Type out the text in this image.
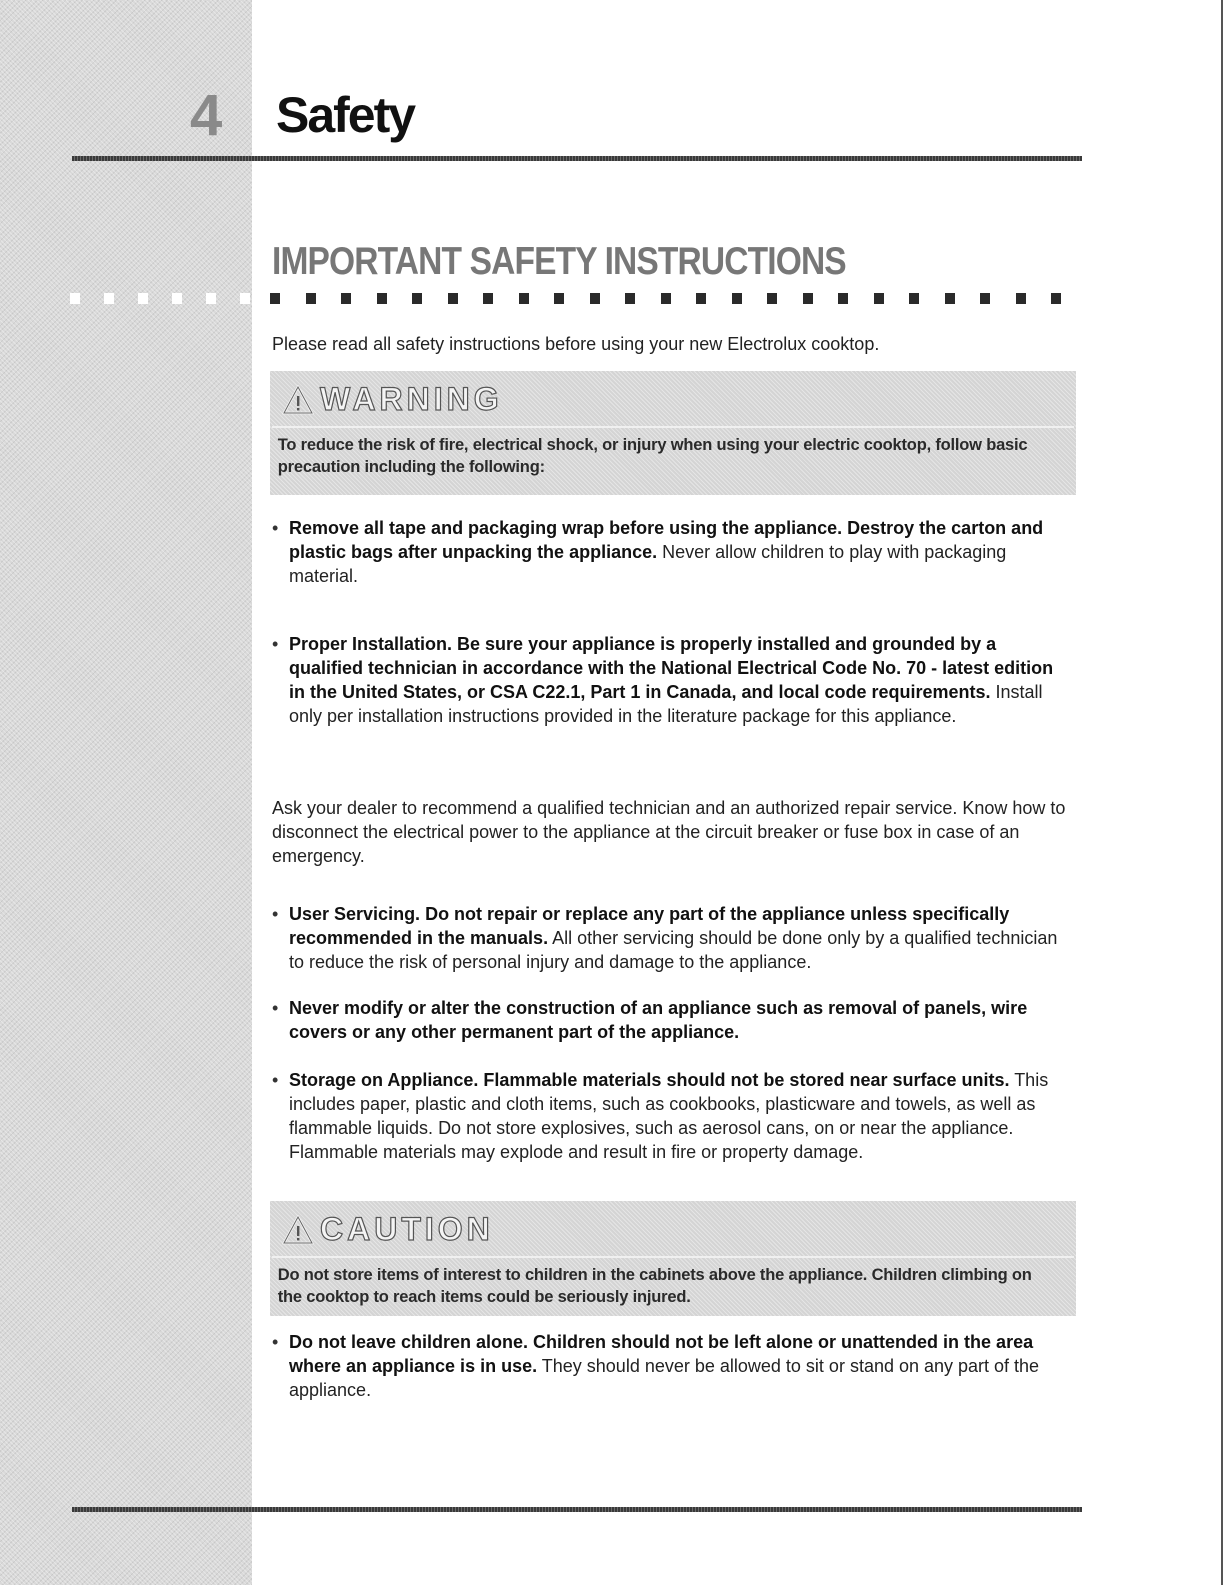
4 Safety
IMPORTANT SAFETY INSTRUCTIONS
Please read all safety instructions before using your new Electrolux cooktop.
WARNING
To reduce the risk of fire, electrical shock, or injury when using your electric cooktop, follow basic precaution including the following:
• Remove all tape and packaging wrap before using the appliance. Destroy the carton and plastic bags after unpacking the appliance. Never allow children to play with packaging material.
• Proper Installation. Be sure your appliance is properly installed and grounded by a qualified technician in accordance with the National Electrical Code No. 70 - latest edition in the United States, or CSA C22.1, Part 1 in Canada, and local code requirements. Install only per installation instructions provided in the literature package for this appliance.
Ask your dealer to recommend a qualified technician and an authorized repair service. Know how to disconnect the electrical power to the appliance at the circuit breaker or fuse box in case of an emergency.
• User Servicing. Do not repair or replace any part of the appliance unless specifically recommended in the manuals. All other servicing should be done only by a qualified technician to reduce the risk of personal injury and damage to the appliance.
• Never modify or alter the construction of an appliance such as removal of panels, wire covers or any other permanent part of the appliance.
• Storage on Appliance. Flammable materials should not be stored near surface units. This includes paper, plastic and cloth items, such as cookbooks, plasticware and towels, as well as flammable liquids. Do not store explosives, such as aerosol cans, on or near the appliance. Flammable materials may explode and result in fire or property damage.
CAUTION
Do not store items of interest to children in the cabinets above the appliance. Children climbing on the cooktop to reach items could be seriously injured.
• Do not leave children alone. Children should not be left alone or unattended in the area where an appliance is in use. They should never be allowed to sit or stand on any part of the appliance.
